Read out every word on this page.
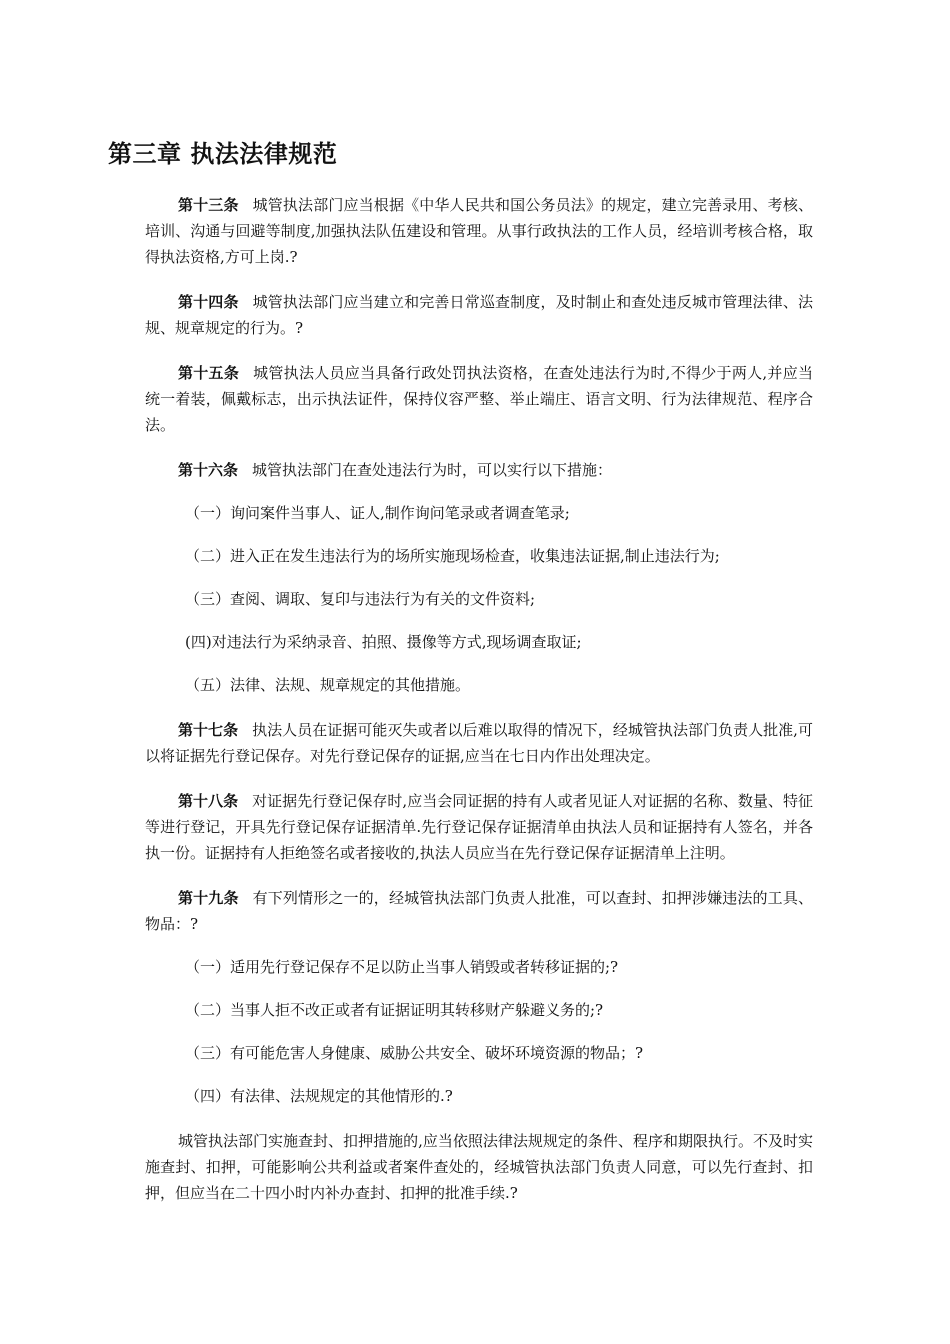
第三章 执法法律规范

第十三条 城管执法部门应当根据《中华人民共和国公务员法》的规定，建立完善录用、考核、培训、沟通与回避等制度,加强执法队伍建设和管理。从事行政执法的工作人员，经培训考核合格，取得执法资格,方可上岗.?

第十四条 城管执法部门应当建立和完善日常巡查制度，及时制止和查处违反城市管理法律、法规、规章规定的行为。?

第十五条 城管执法人员应当具备行政处罚执法资格，在查处违法行为时,不得少于两人,并应当统一着装，佩戴标志，出示执法证件，保持仪容严整、举止端庄、语言文明、行为法律规范、程序合法。

第十六条 城管执法部门在查处违法行为时，可以实行以下措施：

（一）询问案件当事人、证人,制作询问笔录或者调查笔录;

（二）进入正在发生违法行为的场所实施现场检查，收集违法证据,制止违法行为;

（三）查阅、调取、复印与违法行为有关的文件资料;

(四)对违法行为采纳录音、拍照、摄像等方式,现场调查取证;

（五）法律、法规、规章规定的其他措施。

第十七条 执法人员在证据可能灭失或者以后难以取得的情况下，经城管执法部门负责人批准,可以将证据先行登记保存。对先行登记保存的证据,应当在七日内作出处理决定。

第十八条 对证据先行登记保存时,应当会同证据的持有人或者见证人对证据的名称、数量、特征等进行登记，开具先行登记保存证据清单.先行登记保存证据清单由执法人员和证据持有人签名，并各执一份。证据持有人拒绝签名或者接收的,执法人员应当在先行登记保存证据清单上注明。

第十九条 有下列情形之一的，经城管执法部门负责人批准，可以查封、扣押涉嫌违法的工具、物品：?

（一）适用先行登记保存不足以防止当事人销毁或者转移证据的;?

（二）当事人拒不改正或者有证据证明其转移财产躲避义务的;?

（三）有可能危害人身健康、威胁公共安全、破坏环境资源的物品；?

（四）有法律、法规规定的其他情形的.?

城管执法部门实施查封、扣押措施的,应当依照法律法规规定的条件、程序和期限执行。不及时实施查封、扣押，可能影响公共利益或者案件查处的，经城管执法部门负责人同意，可以先行查封、扣押，但应当在二十四小时内补办查封、扣押的批准手续.?
